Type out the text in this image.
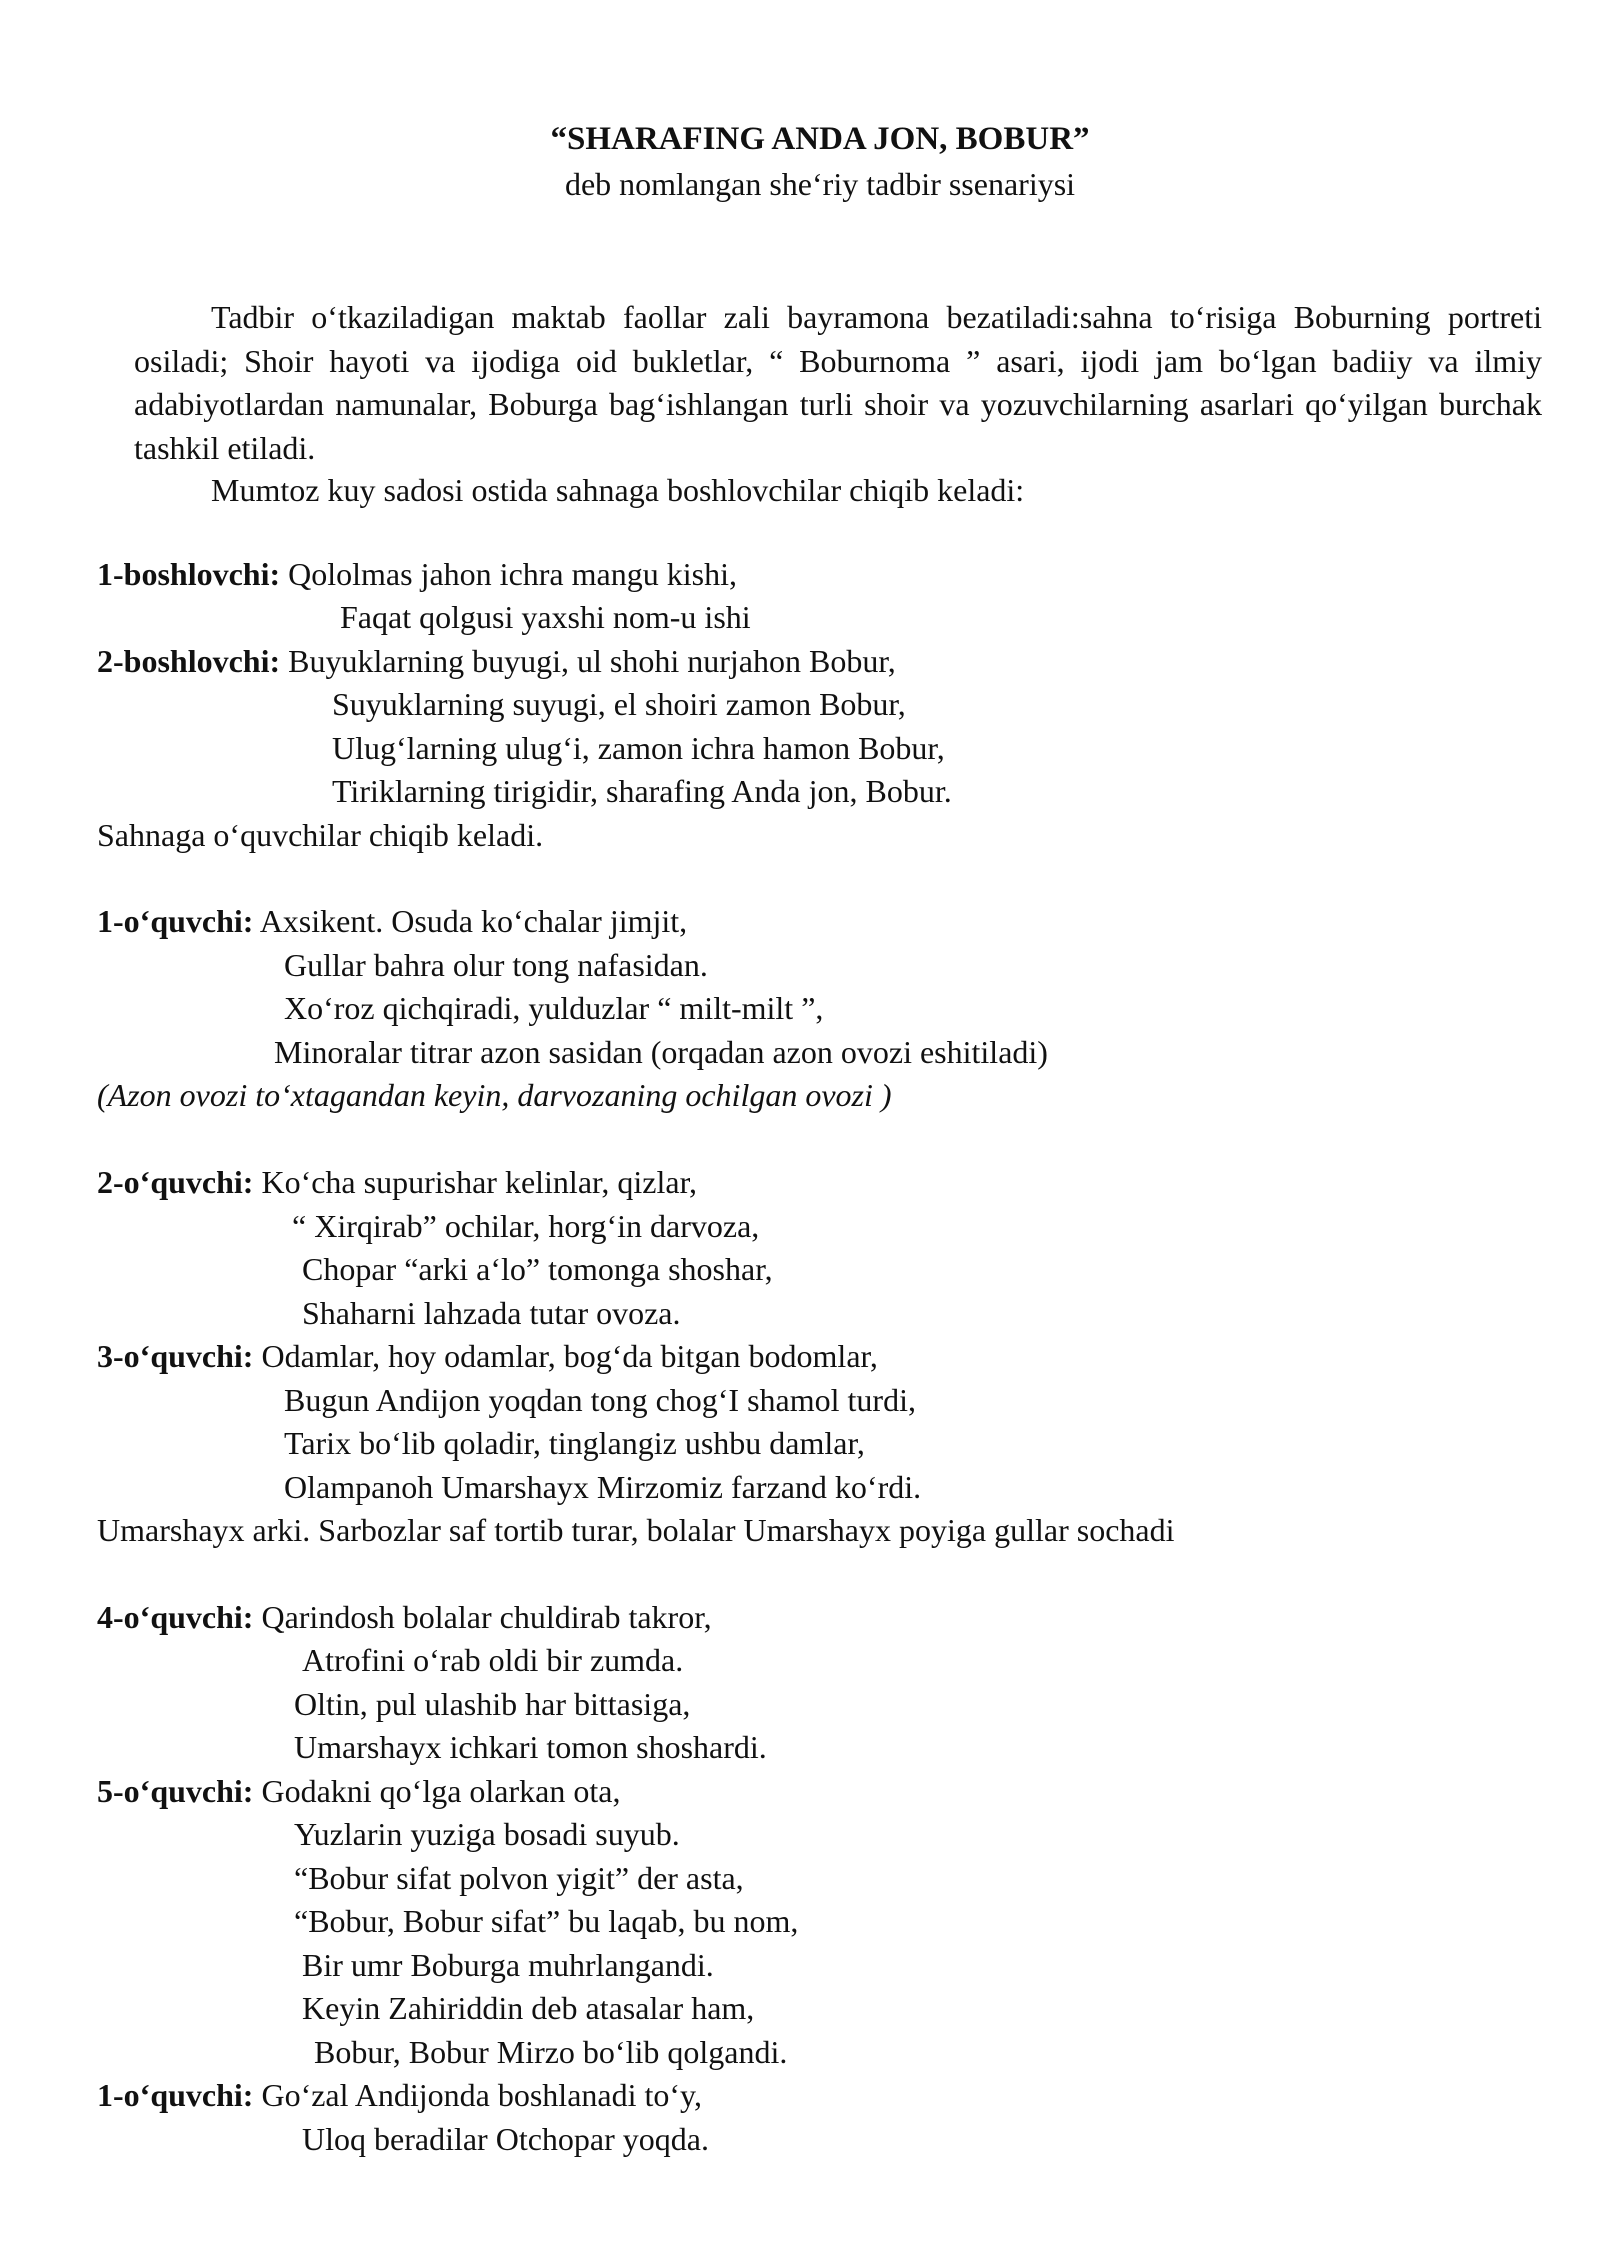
“SHARAFING ANDA JON, BOBUR”
deb nomlangan she‘riy tadbir ssenariysi

Tadbir o‘tkaziladigan maktab faollar zali bayramona bezatiladi:sahna to‘risiga Boburning portreti osiladi; Shoir hayoti va ijodiga oid bukletlar, “ Boburnoma ” asari, ijodi jam bo‘lgan badiiy va ilmiy adabiyotlardan namunalar, Boburga bag‘ishlangan turli shoir va yozuvchilarning asarlari qo‘yilgan burchak tashkil etiladi.

Mumtoz kuy sadosi ostida sahnaga boshlovchilar chiqib keladi:

1-boshlovchi: Qololmas jahon ichra mangu kishi,

Faqat qolgusi yaxshi nom-u ishi

2-boshlovchi: Buyuklarning buyugi, ul shohi nurjahon Bobur,

Suyuklarning suyugi, el shoiri zamon Bobur,

Ulug‘larning ulug‘i, zamon ichra hamon Bobur,

Tiriklarning tirigidir, sharafing Anda jon, Bobur.

Sahnaga o‘quvchilar chiqib keladi.

1-o‘quvchi: Axsikent. Osuda ko‘chalar jimjit,

Gullar bahra olur tong nafasidan.

Xo‘roz qichqiradi, yulduzlar “ milt-milt ”,

Minoralar titrar azon sasidan (orqadan azon ovozi eshitiladi)

(Azon ovozi to‘xtagandan keyin, darvozaning ochilgan ovozi )

2-o‘quvchi: Ko‘cha supurishar kelinlar, qizlar,

“ Xirqirab” ochilar, horg‘in darvoza,

Chopar “arki a‘lo” tomonga shoshar,

Shaharni lahzada tutar ovoza.

3-o‘quvchi: Odamlar, hoy odamlar, bog‘da bitgan bodomlar,

Bugun Andijon yoqdan tong chog‘I shamol turdi,

Tarix bo‘lib qoladir, tinglangiz ushbu damlar,

Olampanoh Umarshayx Mirzomiz farzand ko‘rdi.

Umarshayx arki. Sarbozlar saf tortib turar, bolalar Umarshayx poyiga gullar sochadi

4-o‘quvchi: Qarindosh bolalar chuldirab takror,

Atrofini o‘rab oldi bir zumda.

Oltin, pul ulashib har bittasiga,

Umarshayx ichkari tomon shoshardi.

5-o‘quvchi: Godakni qo‘lga olarkan ota,

Yuzlarin yuziga bosadi suyub.

“Bobur sifat polvon yigit” der asta,

“Bobur, Bobur sifat” bu laqab, bu nom,

Bir umr Boburga muhrlangandi.

Keyin Zahiriddin deb atasalar ham,

Bobur, Bobur Mirzo bo‘lib qolgandi.

1-o‘quvchi: Go‘zal Andijonda boshlanadi to‘y,

Uloq beradilar Otchopar yoqda.
